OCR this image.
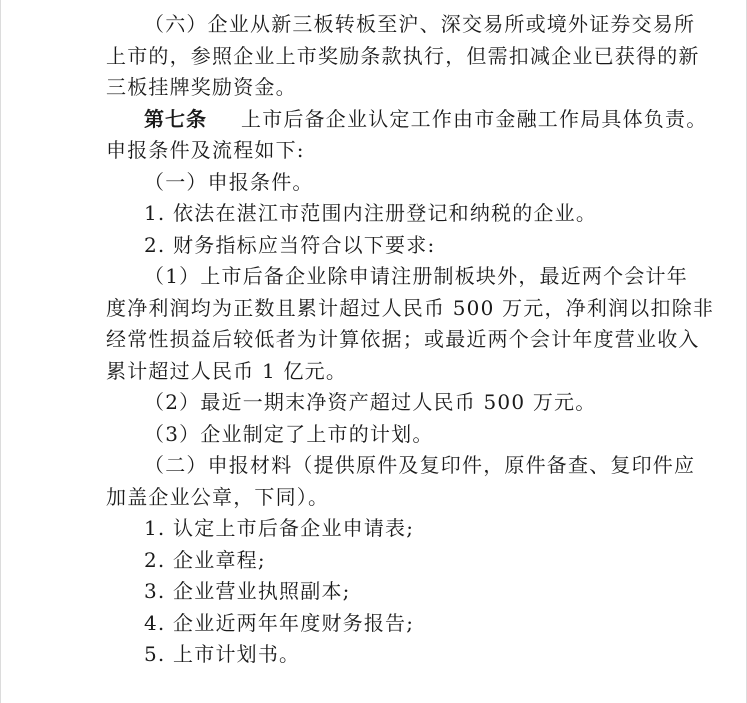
（六）企业从新三板转板至沪、深交易所或境外证券交易所
上市的，参照企业上市奖励条款执行，但需扣减企业已获得的新
三板挂牌奖励资金。
第七条 上市后备企业认定工作由市金融工作局具体负责。
申报条件及流程如下:
（一）申报条件。
1. 依法在湛江市范围内注册登记和纳税的企业。
2. 财务指标应当符合以下要求:
（1）上市后备企业除申请注册制板块外，最近两个会计年
度净利润均为正数且累计超过人民币 500 万元，净利润以扣除非
经常性损益后较低者为计算依据；或最近两个会计年度营业收入
累计超过人民币 1 亿元。
（2）最近一期末净资产超过人民币 500 万元。
（3）企业制定了上市的计划。
（二）申报材料（提供原件及复印件，原件备查、复印件应
加盖企业公章，下同）。
1. 认定上市后备企业申请表;
2. 企业章程;
3. 企业营业执照副本;
4. 企业近两年年度财务报告;
5. 上市计划书。
